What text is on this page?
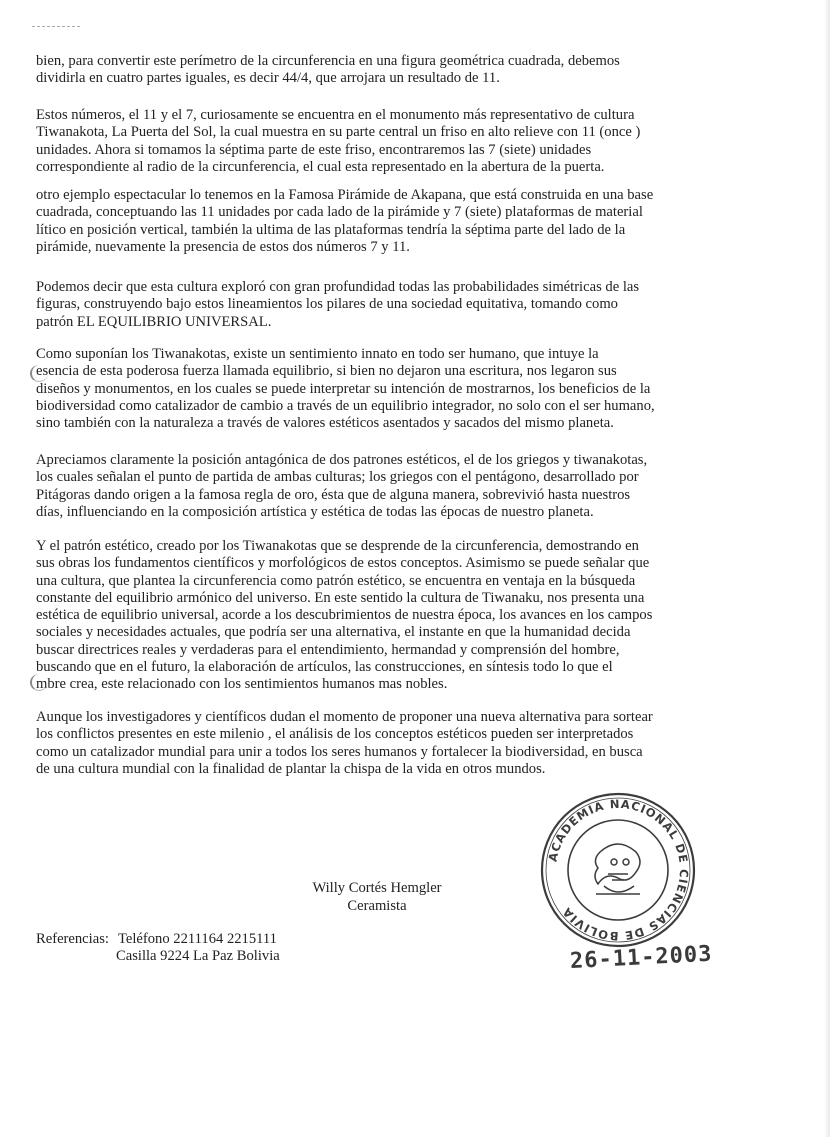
bien, para convertir este perímetro de la circunferencia en una figura geométrica cuadrada, debemos
dividirla en cuatro partes iguales, es decir 44/4, que arrojara un resultado de 11.

Estos números, el 11 y el 7, curiosamente se encuentra en el monumento más representativo de cultura
Tiwanakota, La Puerta del Sol, la cual muestra en su parte central un friso en alto relieve con 11 (once )
unidades. Ahora si tomamos la séptima parte de este friso, encontraremos las 7 (siete) unidades
correspondiente al radio de la circunferencia, el cual esta representado en la abertura de la puerta.

otro ejemplo espectacular lo tenemos en la Famosa Pirámide de Akapana, que está construida en una base
cuadrada, conceptuando las 11 unidades por cada lado de la pirámide y 7 (siete) plataformas de material
lítico en posición vertical, también la ultima de las plataformas tendría la séptima parte del lado de la
pirámide, nuevamente la presencia de estos dos números 7 y 11.

Podemos decir que esta cultura exploró con gran profundidad todas las probabilidades simétricas de las
figuras, construyendo bajo estos lineamientos los pilares de una sociedad equitativa, tomando como
patrón EL EQUILIBRIO UNIVERSAL.

Como suponían los Tiwanakotas, existe un sentimiento innato en todo ser humano, que intuye la
esencia de esta poderosa fuerza llamada equilibrio, si bien no dejaron una escritura, nos legaron sus
diseños y monumentos, en los cuales se puede interpretar su intención de mostrarnos, los beneficios de la
biodiversidad como catalizador de cambio a través de un equilibrio integrador, no solo con el ser humano,
sino también con la naturaleza a través de valores estéticos asentados y sacados del mismo planeta.

Apreciamos claramente la posición antagónica de dos patrones estéticos, el de los griegos y tiwanakotas,
los cuales señalan el punto de partida de ambas culturas; los griegos con el pentágono, desarrollado por
Pitágoras dando origen a la famosa regla de oro, ésta que de alguna manera, sobrevivió hasta nuestros
días, influenciando en la composición artística y estética de todas las épocas de nuestro planeta.

Y el patrón estético, creado por los Tiwanakotas que se desprende de la circunferencia, demostrando en
sus obras los fundamentos científicos y morfológicos de estos conceptos. Asimismo se puede señalar que
una cultura, que plantea la circunferencia como patrón estético, se encuentra en ventaja en la búsqueda
constante del equilibrio armónico del universo. En este sentido la cultura de Tiwanaku, nos presenta una
estética de equilibrio universal, acorde a los descubrimientos de nuestra época, los avances en los campos
sociales y necesidades actuales, que podría ser una alternativa, el instante en que la humanidad decida
buscar directrices reales y verdaderas para el entendimiento, hermandad y comprensión del hombre,
buscando que en el futuro, la elaboración de artículos, las construcciones, en síntesis todo lo que el
mbre crea, este relacionado con los sentimientos humanos mas nobles.

Aunque los investigadores y científicos dudan el momento de proponer una nueva alternativa para sortear
los conflictos presentes en este milenio , el análisis de los conceptos estéticos pueden ser interpretados
como un catalizador mundial para unir a todos los seres humanos y fortalecer la biodiversidad, en busca
de una cultura mundial con la finalidad de plantar la chispa de la vida en otros mundos.

Willy Cortés Hemgler
Ceramista
Referencias: Teléfono 2211164 2215111
Casilla 9224 La Paz Bolivia
ACADEMIA NACIONAL DE CIENCIAS DE BOLIVIA
26-11-2003
